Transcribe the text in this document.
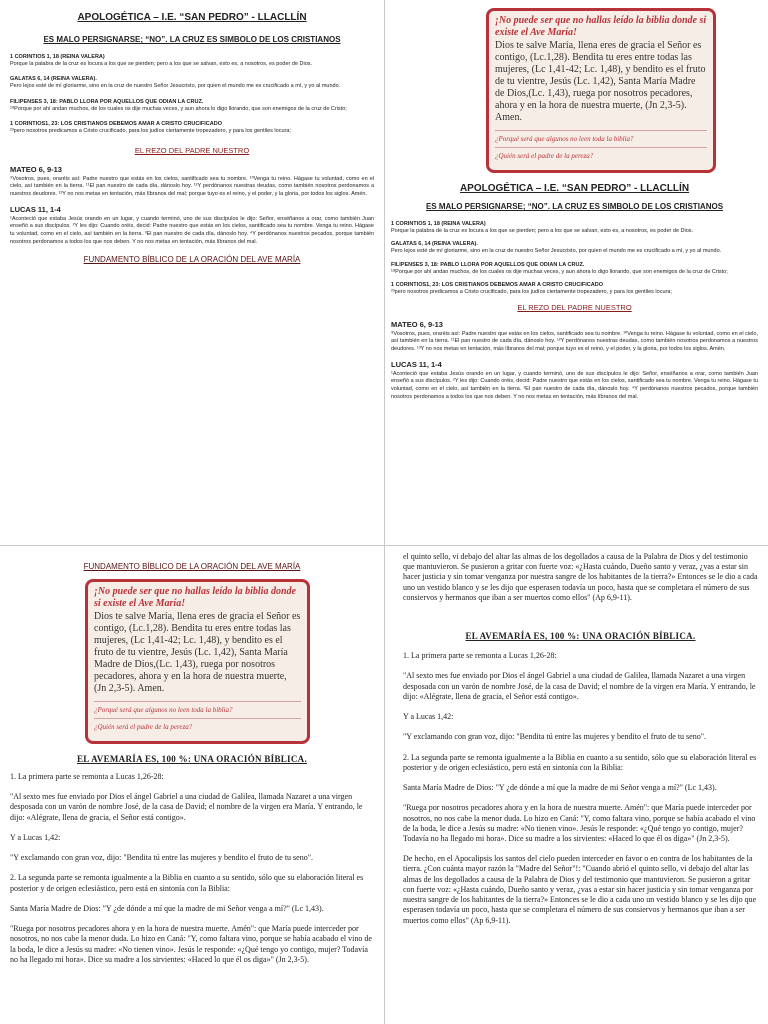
APOLOGÉTICA – I.E. “SAN PEDRO” - LLACLLÍN
ES MALO PERSIGNARSE; “NO”. LA CRUZ ES SIMBOLO DE LOS CRISTIANOS
1 CORINTIOS 1, 18 (REINA VALERA)
Porque la palabra de la cruz es locura a los que se pierden; pero a los que se salvan, esto es, a nosotros, es poder de Dios.
GALATAS 6, 14 (REINA VALERA).
Pero lejos esté de mí gloriarme, sino en la cruz de nuestro Señor Jesucristo, por quien el mundo me es crucificado a mí, y yo al mundo.
FILIPENSES 3, 18: PABLO LLORA POR AQUELLOS QUE ODIAN LA CRUZ.
¹⁸Porque por ahí andan muchos, de los cuales os dije muchas veces, y aun ahora lo digo llorando, que son enemigos de la cruz de Cristo;
1 CORINTIOS1, 23: LOS CRISTIANOS DEBEMOS AMAR A CRISTO CRUCIFICADO
²³pero nosotros predicamos a Cristo crucificado, para los judíos ciertamente tropezadero, y para los gentiles locura;
EL REZO DEL PADRE NUESTRO
MATEO 6, 9-13
⁹Vosotros, pues, oraréis así: Padre nuestro que estás en los cielos, santificado sea tu nombre. ¹⁰Venga tu reino. Hágase tu voluntad, como en el cielo, así también en la tierra. ¹¹El pan nuestro de cada día, dánoslo hoy. ¹²Y perdónanos nuestras deudas, como también nosotros perdonamos a nuestros deudores. ¹³Y no nos metas en tentación, más líbranos del mal; porque tuyo es el reino, y el poder, y la gloria, por todos los siglos. Amén.
LUCAS 11, 1-4
¹Aconteció que estaba Jesús orando en un lugar, y cuando terminó, uno de sus discípulos le dijo: Señor, enséñanos a orar, como también Juan enseñó a sus discípulos. ²Y les dijo: Cuando oréis, decid: Padre nuestro que estás en los cielos, santificado sea tu nombre. Venga tu reino. Hágase tu voluntad, como en el cielo, así también en la tierra. ³El pan nuestro de cada día, dánoslo hoy. ⁴Y perdónanos nuestros pecados, porque también nosotros perdonamos a todos los que nos deben. Y no nos metas en tentación, más líbranos del mal.
FUNDAMENTO BÍBLICO DE LA ORACIÓN DEL AVE MARÍA
¡No puede ser que no hallas leído la biblia donde si existe el Ave María!
Dios te salve María, llena eres de gracia el Señor es contigo, (Lc.1,28). Bendita tu eres entre todas las mujeres, (Lc 1,41-42; Lc. 1,48), y bendito es el fruto de tu vientre, Jesús (Lc. 1,42), Santa María Madre de Dios,(Lc. 1,43), ruega por nosotros pecadores, ahora y en la hora de nuestra muerte, (Jn 2,3-5). Amen.
¿Porqué será que algunos no leen toda la biblia?
¿Quién será el padre de la pereza?
APOLOGÉTICA – I.E. “SAN PEDRO” - LLACLLÍN
ES MALO PERSIGNARSE; “NO”. LA CRUZ ES SIMBOLO DE LOS CRISTIANOS
1 CORINTIOS 1, 18 (REINA VALERA)
Porque la palabra de la cruz es locura a los que se pierden; pero a los que se salvan, esto es, a nosotros, es poder de Dios.
GALATAS 6, 14 (REINA VALERA).
Pero lejos esté de mí gloriarme, sino en la cruz de nuestro Señor Jesucristo, por quien el mundo me es crucificado a mí, y yo al mundo.
FILIPENSES 3, 18: PABLO LLORA POR AQUELLOS QUE ODIAN LA CRUZ.
¹⁸Porque por ahí andan muchos, de los cuales os dije muchas veces, y aun ahora lo digo llorando, que son enemigos de la cruz de Cristo;
1 CORINTIOS1, 23: LOS CRISTIANOS DEBEMOS AMAR A CRISTO CRUCIFICADO
²³pero nosotros predicamos a Cristo crucificado, para los judíos ciertamente tropezadero, y para los gentiles locura;
EL REZO DEL PADRE NUESTRO
MATEO 6, 9-13
⁹Vosotros, pues, oraréis así: Padre nuestro que estás en los cielos, santificado sea tu nombre. ¹⁰Venga tu reino. Hágase tu voluntad, como en el cielo, así también en la tierra. ¹¹El pan nuestro de cada día, dánoslo hoy. ¹²Y perdónanos nuestras deudas, como también nosotros perdonamos a nuestros deudores. ¹³Y no nos metas en tentación, más líbranos del mal; porque tuyo es el reino, y el poder, y la gloria, por todos los siglos. Amén.
LUCAS 11, 1-4
¹Aconteció que estaba Jesús orando en un lugar, y cuando terminó, uno de sus discípulos le dijo: Señor, enséñanos a orar, como también Juan enseñó a sus discípulos. ²Y les dijo: Cuando oréis, decid: Padre nuestro que estás en los cielos, santificado sea tu nombre. Venga tu reino. Hágase tu voluntad, como en el cielo, así también en la tierra. ³El pan nuestro de cada día, dánoslo hoy. ⁴Y perdónanos nuestros pecados, porque también nosotros perdonamos a todos los que nos deben. Y no nos metas en tentación, más líbranos del mal.
FUNDAMENTO BÍBLICO DE LA ORACIÓN DEL AVE MARÍA
¡No puede ser que no hallas leído la biblia donde si existe el Ave María!
Dios te salve María, llena eres de gracia el Señor es contigo, (Lc.1,28). Bendita tu eres entre todas las mujeres, (Lc 1,41-42; Lc. 1,48), y bendito es el fruto de tu vientre, Jesús (Lc. 1,42), Santa María Madre de Dios,(Lc. 1,43), ruega por nosotros pecadores, ahora y en la hora de nuestra muerte, (Jn 2,3-5). Amen.
¿Porqué será que algunos no leen toda la biblia?
¿Quién será el padre de la pereza?
EL AVEMARÍA ES, 100 %: UNA ORACIÓN BÍBLICA.
1. La primera parte se remonta a Lucas 1,26-28:
"Al sexto mes fue enviado por Dios el ángel Gabriel a una ciudad de Galilea, llamada Nazaret a una virgen desposada con un varón de nombre José, de la casa de David; el nombre de la virgen era María. Y entrando, le dijo: «Alégrate, llena de gracia, el Señor está contigo».
Y a Lucas 1,42:
"Y exclamando con gran voz, dijo: "Bendita tú entre las mujeres y bendito el fruto de tu seno".
2. La segunda parte se remonta igualmente a la Biblia en cuanto a su sentido, sólo que su elaboración literal es posterior y de origen eclesiástico, pero está en sintonía con la Biblia:
Santa María Madre de Dios: "Y ¿de dónde a mí que la madre de mi Señor venga a mí?" (Lc 1,43).
"Ruega por nosotros pecadores ahora y en la hora de nuestra muerte. Amén": que María puede interceder por nosotros, no nos cabe la menor duda. Lo hizo en Caná: "Y, como faltara vino, porque se había acabado el vino de la boda, le dice a Jesús su madre: «No tienen vino». Jesús le responde: «¿Qué tengo yo contigo, mujer? Todavía no ha llegado mi hora». Dice su madre a los sirvientes: «Haced lo que él os diga»" (Jn 2,3-5).
el quinto sello, vi debajo del altar las almas de los degollados a causa de la Palabra de Dios y del testimonio que mantuvieron. Se pusieron a gritar con fuerte voz: «¿Hasta cuándo, Dueño santo y veraz, ¿vas a estar sin hacer justicia y sin tomar venganza por nuestra sangre de los habitantes de la tierra?» Entonces se le dio a cada uno un vestido blanco y se les dijo que esperasen todavía un poco, hasta que se completara el número de sus consiervos y hermanos que iban a ser muertos como ellos" (Ap 6,9-11).
EL AVEMARÍA ES, 100 %: UNA ORACIÓN BÍBLICA.
1. La primera parte se remonta a Lucas 1,26-28:
"Al sexto mes fue enviado por Dios el ángel Gabriel a una ciudad de Galilea, llamada Nazaret a una virgen desposada con un varón de nombre José, de la casa de David; el nombre de la virgen era María. Y entrando, le dijo: «Alégrate, llena de gracia, el Señor está contigo».
Y a Lucas 1,42:
"Y exclamando con gran voz, dijo: "Bendita tú entre las mujeres y bendito el fruto de tu seno".
2. La segunda parte se remonta igualmente a la Biblia en cuanto a su sentido, sólo que su elaboración literal es posterior y de origen eclesiástico, pero está en sintonía con la Biblia:
Santa María Madre de Dios: "Y ¿de dónde a mí que la madre de mi Señor venga a mí?" (Lc 1,43).
"Ruega por nosotros pecadores ahora y en la hora de nuestra muerte. Amén": que María puede interceder por nosotros, no nos cabe la menor duda. Lo hizo en Caná: "Y, como faltara vino, porque se había acabado el vino de la boda, le dice a Jesús su madre: «No tienen vino». Jesús le responde: «¿Qué tengo yo contigo, mujer? Todavía no ha llegado mi hora». Dice su madre a los sirvientes: «Haced lo que él os diga»" (Jn 2,3-5).
De hecho, en el Apocalipsis los santos del cielo pueden interceder en favor o en contra de los habitantes de la tierra. ¿Con cuánta mayor razón la "Madre del Señor"!: "Cuando abrió el quinto sello, vi debajo del altar las almas de los degollados a causa de la Palabra de Dios y del testimonio que mantuvieron. Se pusieron a gritar con fuerte voz: «¿Hasta cuándo, Dueño santo y veraz, ¿vas a estar sin hacer justicia y sin tomar venganza por nuestra sangre de los habitantes de la tierra?» Entonces se le dio a cada uno un vestido blanco y se les dijo que esperasen todavía un poco, hasta que se completara el número de sus consiervos y hermanos que iban a ser muertos como ellos" (Ap 6,9-11).
